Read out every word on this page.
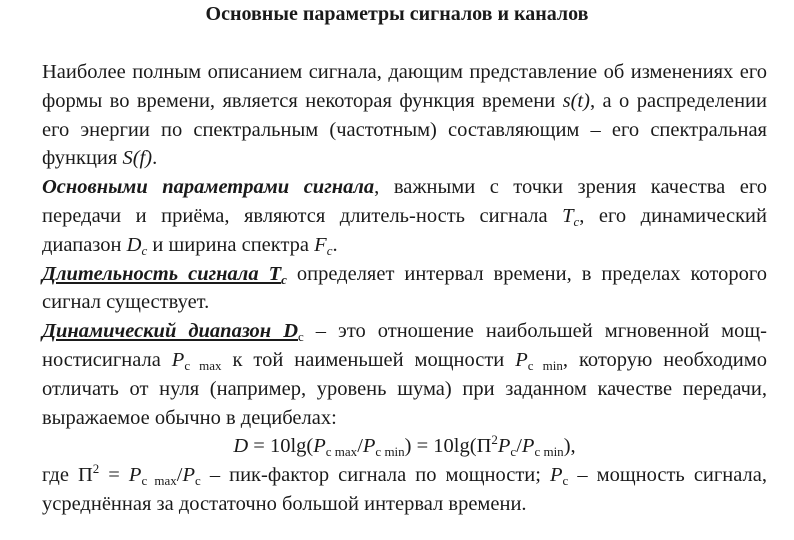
Основные параметры сигналов и каналов

Наиболее полным описанием сигнала, дающим представление об изменениях его формы во времени, является некоторая функция времени s(t), а о распределении его энергии по спектральным (частотным) составляющим – его спектральная функция S(f).

Основными параметрами сигнала, важными с точки зрения качества его передачи и приёма, являются длитель-ность сигнала $T_c$, его динамический диапазон $D_c$ и ширина спектра $F_c$.

Длительность сигнала $T_c$ определяет интервал времени, в пределах которого сигнал существует.

Динамический диапазон $D_c$ – это отношение наибольшей мгновенной мощ-ностисигнала $P_{c max}$ к той наименьшей мощности $P_{c min}$, которую необходимо отличать от нуля (например, уровень шума) при заданном качестве передачи, выражаемое обычно в децибелах:

$D = 10\lg(P_{c max}/P_{c min}) = 10\lg(П^2P_c/P_{c min})$,

где $П^2 = P_{c max}/P_c$ – пик-фактор сигнала по мощности; $P_c$ – мощность сигнала, усреднённая за достаточно большой интервал времени.
